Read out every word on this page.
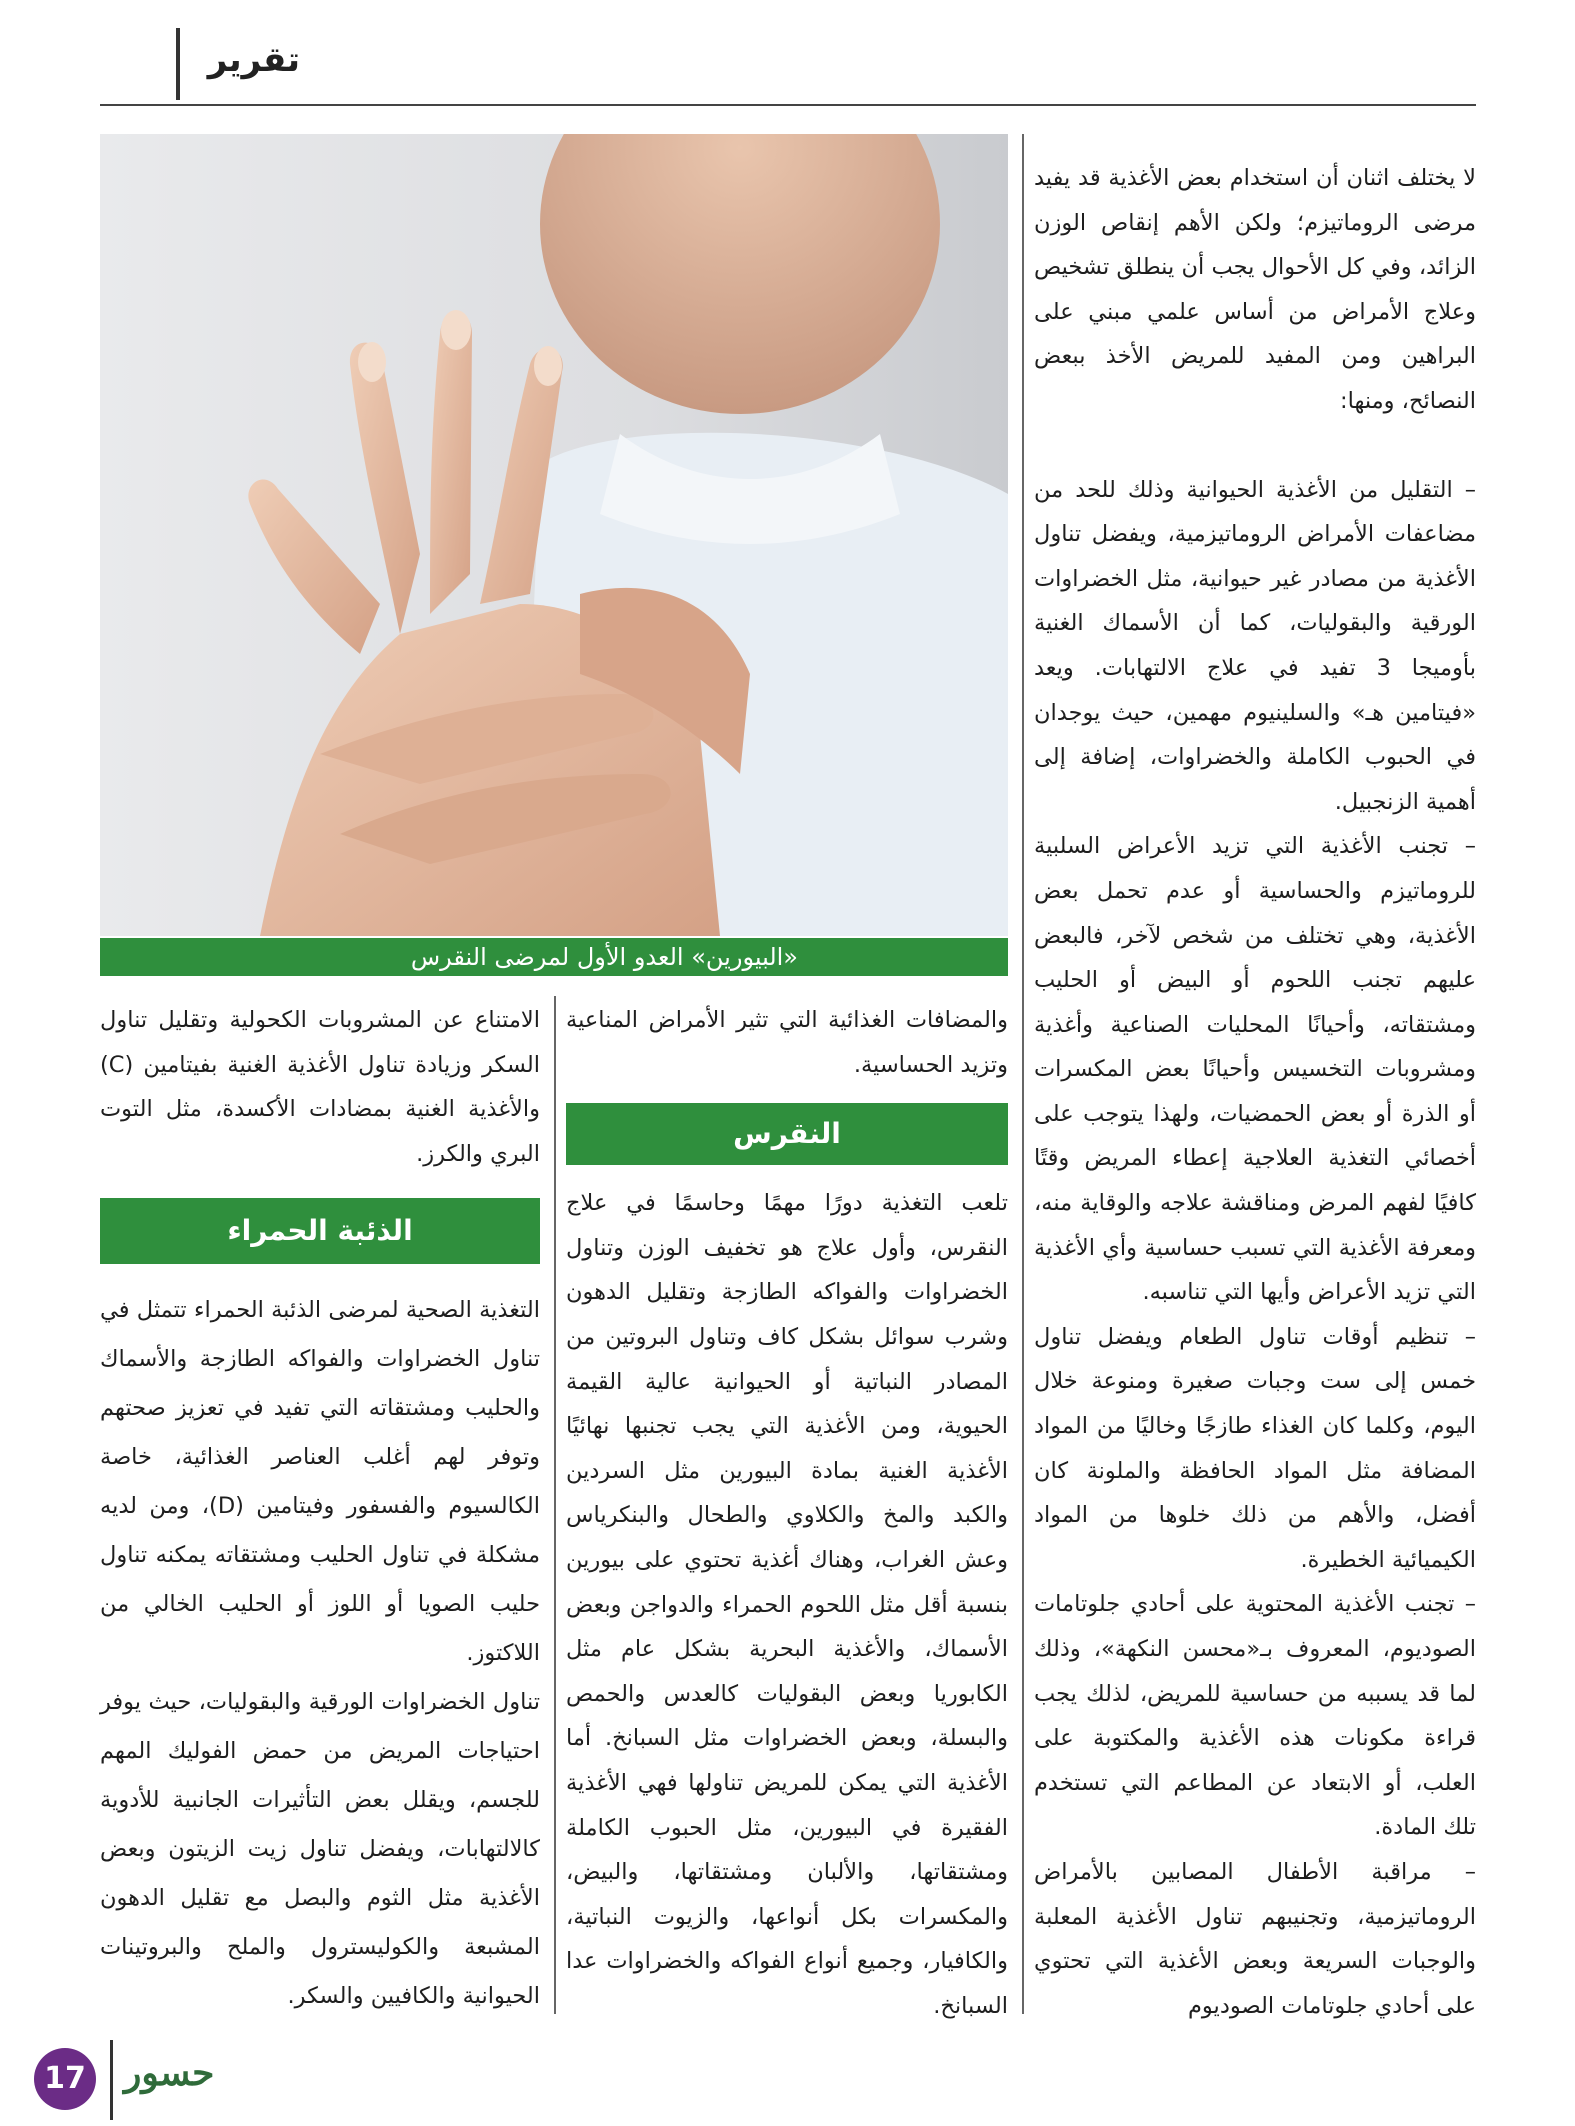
تقرير
«البيورين» العدو الأول لمرضى النقرس

لا يختلف اثنان أن استخدام بعض الأغذية قد يفيد مرضى الروماتيزم؛ ولكن الأهم إنقاص الوزن الزائد، وفي كل الأحوال يجب أن ينطلق تشخيص وعلاج الأمراض من أساس علمي مبني على البراهين ومن المفيد للمريض الأخذ ببعض النصائح، ومنها:

– التقليل من الأغذية الحيوانية وذلك للحد من مضاعفات الأمراض الروماتيزمية، ويفضل تناول الأغذية من مصادر غير حيوانية، مثل الخضراوات الورقية والبقوليات، كما أن الأسماك الغنية بأوميجا 3 تفيد في علاج الالتهابات. ويعد «فيتامين هـ» والسلينيوم مهمين، حيث يوجدان في الحبوب الكاملة والخضراوات، إضافة إلى أهمية الزنجبيل.

– تجنب الأغذية التي تزيد الأعراض السلبية للروماتيزم والحساسية أو عدم تحمل بعض الأغذية، وهي تختلف من شخص لآخر، فالبعض عليهم تجنب اللحوم أو البيض أو الحليب ومشتقاته، وأحيانًا المحليات الصناعية وأغذية ومشروبات التخسيس وأحيانًا بعض المكسرات أو الذرة أو بعض الحمضيات، ولهذا يتوجب على أخصائي التغذية العلاجية إعطاء المريض وقتًا كافيًا لفهم المرض ومناقشة علاجه والوقاية منه، ومعرفة الأغذية التي تسبب حساسية وأي الأغذية التي تزيد الأعراض وأيها التي تناسبه.

– تنظيم أوقات تناول الطعام ويفضل تناول خمس إلى ست وجبات صغيرة ومنوعة خلال اليوم، وكلما كان الغذاء طازجًا وخاليًا من المواد المضافة مثل المواد الحافظة والملونة كان أفضل، والأهم من ذلك خلوها من المواد الكيميائية الخطيرة.

– تجنب الأغذية المحتوية على أحادي جلوتامات الصوديوم، المعروف بـ«محسن النكهة»، وذلك لما قد يسببه من حساسية للمريض، لذلك يجب قراءة مكونات هذه الأغذية والمكتوبة على العلب، أو الابتعاد عن المطاعم التي تستخدم تلك المادة.

– مراقبة الأطفال المصابين بالأمراض الروماتيزمية، وتجنيبهم تناول الأغذية المعلبة والوجبات السريعة وبعض الأغذية التي تحتوي على أحادي جلوتامات الصوديوم

والمضافات الغذائية التي تثير الأمراض المناعية وتزيد الحساسية.

النقرس

تلعب التغذية دورًا مهمًا وحاسمًا في علاج النقرس، وأول علاج هو تخفيف الوزن وتناول الخضراوات والفواكه الطازجة وتقليل الدهون وشرب سوائل بشكل كاف وتناول البروتين من المصادر النباتية أو الحيوانية عالية القيمة الحيوية، ومن الأغذية التي يجب تجنبها نهائيًا الأغذية الغنية بمادة البيورين مثل السردين والكبد والمخ والكلاوي والطحال والبنكرياس وعش الغراب، وهناك أغذية تحتوي على بيورين بنسبة أقل مثل اللحوم الحمراء والدواجن وبعض الأسماك، والأغذية البحرية بشكل عام مثل الكابوريا وبعض البقوليات كالعدس والحمص والبسلة، وبعض الخضراوات مثل السبانخ. أما الأغذية التي يمكن للمريض تناولها فهي الأغذية الفقيرة في البيورين، مثل الحبوب الكاملة ومشتقاتها، والألبان ومشتقاتها، والبيض، والمكسرات بكل أنواعها، والزيوت النباتية، والكافيار، وجميع أنواع الفواكه والخضراوات عدا السبانخ.

الامتناع عن المشروبات الكحولية وتقليل تناول السكر وزيادة تناول الأغذية الغنية بفيتامين (C) والأغذية الغنية بمضادات الأكسدة، مثل التوت البري والكرز.

الذئبة الحمراء

التغذية الصحية لمرضى الذئبة الحمراء تتمثل في تناول الخضراوات والفواكه الطازجة والأسماك والحليب ومشتقاته التي تفيد في تعزيز صحتهم وتوفر لهم أغلب العناصر الغذائية، خاصة الكالسيوم والفسفور وفيتامين (D)، ومن لديه مشكلة في تناول الحليب ومشتقاته يمكنه تناول حليب الصويا أو اللوز أو الحليب الخالي من اللاكتوز.

تناول الخضراوات الورقية والبقوليات، حيث يوفر احتياجات المريض من حمض الفوليك المهم للجسم، ويقلل بعض التأثيرات الجانبية للأدوية كالالتهابات، ويفضل تناول زيت الزيتون وبعض الأغذية مثل الثوم والبصل مع تقليل الدهون المشبعة والكوليسترول والملح والبروتينات الحيوانية والكافيين والسكر.

17 حسور
